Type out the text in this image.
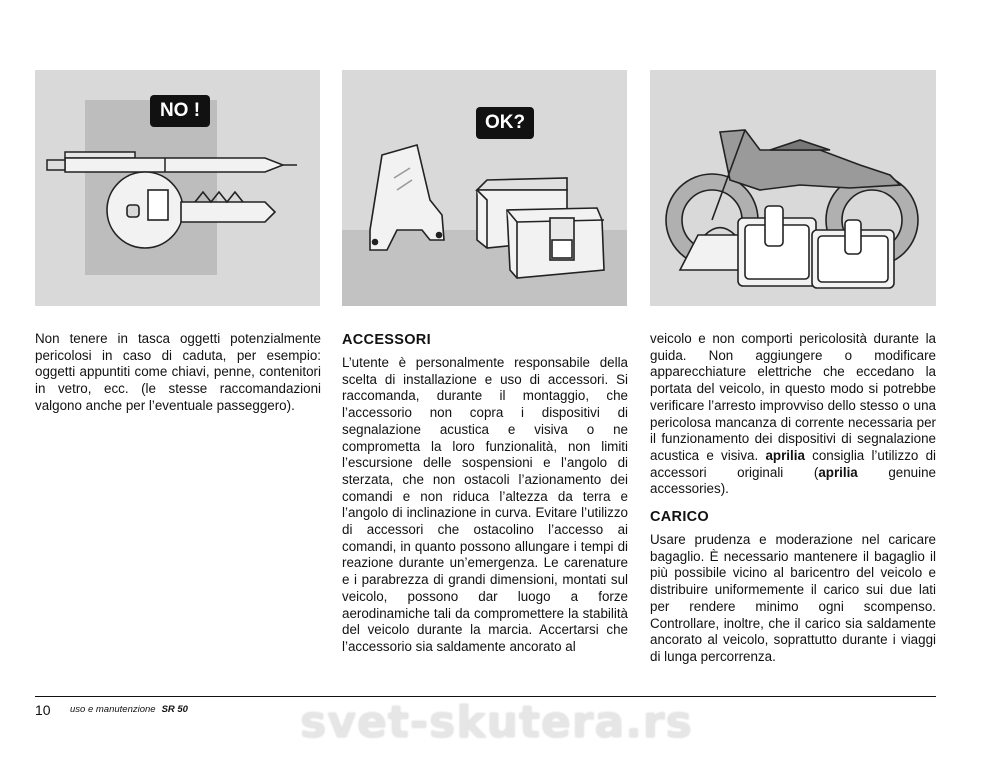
NO !
OK?

Non tenere in tasca oggetti potenzialmente pericolosi in caso di caduta, per esempio: oggetti appuntiti come chiavi, penne, contenitori in vetro, ecc. (le stesse raccomandazioni valgono anche per l’eventuale passeggero).

ACCESSORI

L’utente è personalmente responsabile della scelta di installazione e uso di accessori. Si raccomanda, durante il montaggio, che l’accessorio non copra i dispositivi di segnalazione acustica e visiva o ne comprometta la loro funzionalità, non limiti l’escursione delle sospensioni e l’angolo di sterzata, che non ostacoli l’azionamento dei comandi e non riduca l’altezza da terra e l’angolo di inclinazione in curva. Evitare l’utilizzo di accessori che ostacolino l’accesso ai comandi, in quanto possono allungare i tempi di reazione durante un’emergenza. Le carenature e i parabrezza di grandi dimensioni, montati sul veicolo, possono dar luogo a forze aerodinamiche tali da compromettere la stabilità del veicolo durante la marcia. Accertarsi che l’accessorio sia saldamente ancorato al

veicolo e non comporti pericolosità durante la guida. Non aggiungere o modificare apparecchiature elettriche che eccedano la portata del veicolo, in questo modo si potrebbe verificare l’arresto improvviso dello stesso o una pericolosa mancanza di corrente necessaria per il funzionamento dei dispositivi di segnalazione acustica e visiva. aprilia consiglia l’utilizzo di accessori originali (aprilia genuine accessories).

CARICO

Usare prudenza e moderazione nel caricare bagaglio. È necessario mantenere il bagaglio il più possibile vicino al baricentro del veicolo e distribuire uniformemente il carico sui due lati per rendere minimo ogni scompenso. Controllare, inoltre, che il carico sia saldamente ancorato al veicolo, soprattutto durante i viaggi di lunga percorrenza.

10 uso e manutenzione SR 50	svet-skutera.rs
